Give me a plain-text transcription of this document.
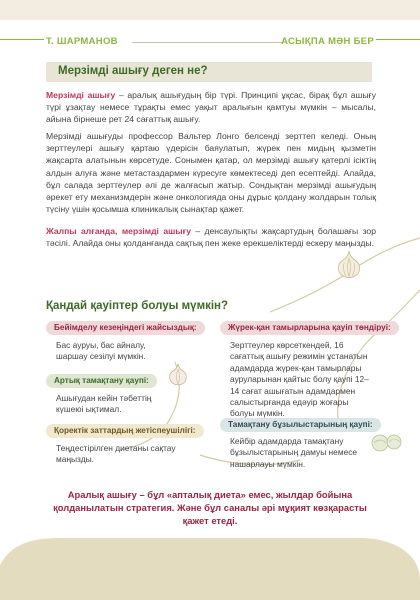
Т. ШАРМАНОВ	АСЫҚПА МӘН БЕР
Мерзімді ашығу деген не?

Мерзімді ашығу – аралық ашығудың бір түрі. Принципі ұқсас, бірақ бұл ашығу түрі ұзақтау немесе тұрақты емес уақыт аралығын қамтуы мүмкін – мысалы, айына бірнеше рет 24 сағаттық ашығу.

Мерзімді ашығуды профессор Вальтер Лонго белсенді зерттеп келеді. Оның зерттеулері ашығу қартаю үдерісін баяулатып, жүрек пен мидың қызметін жақсарта алатынын көрсетуде. Сонымен қатар, ол мерзімді ашығу қатерлі ісіктің алдын алуға және метастаздармен күресуге көмектеседі деп есептейді. Алайда, бұл салада зерттеулер әлі де жалғасып жатыр. Сондықтан мерзімді ашығудың әрекет ету механизмдерін және онкологияда оны дұрыс қолдану жолдарын толық түсіну үшін қосымша клиникалық сынақтар қажет.

Жалпы алғанда, мерзімді ашығу – денсаулықты жақсартудың болашағы зор тәсілі. Алайда оны қолданғанда сақтық пен жеке ерекшеліктерді ескеру маңызды.

Қандай қауіптер болуы мүмкін?
Бейімделу кезеңіндегі жайсыздық:

Бас ауруы, бас айналу, шаршау сезілуі мүмкін.

Артық тамақтану қаупі:

Ашығудан кейін тәбеттің күшеюі ықтимал.

Қоректік заттардың жетіспеушілігі:

Теңдестірілген диетаны сақтау маңызды.

Жүрек-қан тамырларына қауіп төндіруі:

Зерттеулер көрсеткендей, 16 сағаттық ашығу режимін ұстанатын адамдарда жүрек-қан тамырлары ауруларынан қайтыс болу қаупі 12–14 сағат ашығатын адамдармен салыстырғанда едәуір жоғары болуы мүмкін.

Тамақтану бұзылыстарының қаупі:

Кейбір адамдарда тамақтану бұзылыстарының дамуы немесе нашарлауы мүмкін.

Аралық ашығу – бұл «апталық диета» емес, жылдар бойына қолданылатын стратегия. Және бұл саналы әрі мұқият көзқарасты қажет етеді.
